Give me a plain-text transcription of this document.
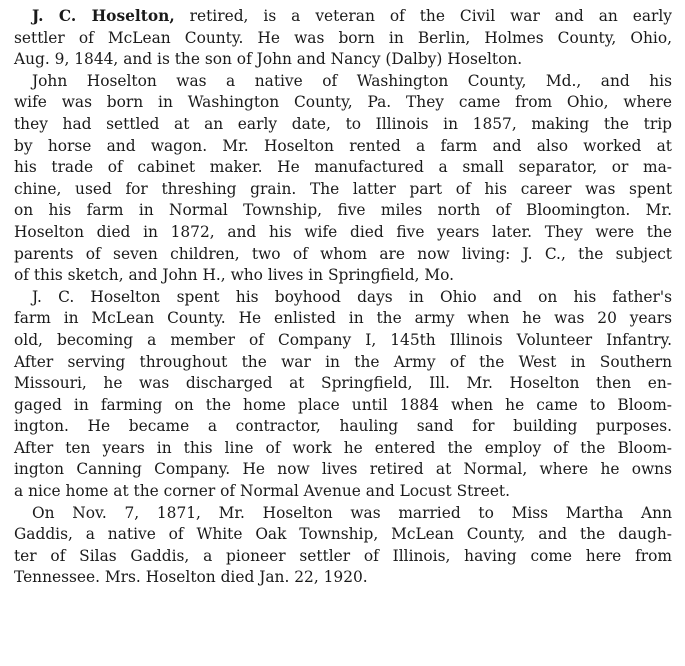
J. C. Hoselton, retired, is a veteran of the Civil war and an early
settler of McLean County. He was born in Berlin, Holmes County, Ohio,
Aug. 9, 1844, and is the son of John and Nancy (Dalby) Hoselton.
John Hoselton was a native of Washington County, Md., and his
wife was born in Washington County, Pa. They came from Ohio, where
they had settled at an early date, to Illinois in 1857, making the trip
by horse and wagon. Mr. Hoselton rented a farm and also worked at
his trade of cabinet maker. He manufactured a small separator, or ma-
chine, used for threshing grain. The latter part of his career was spent
on his farm in Normal Township, five miles north of Bloomington. Mr.
Hoselton died in 1872, and his wife died five years later. They were the
parents of seven children, two of whom are now living: J. C., the subject
of this sketch, and John H., who lives in Springfield, Mo.
J. C. Hoselton spent his boyhood days in Ohio and on his father's
farm in McLean County. He enlisted in the army when he was 20 years
old, becoming a member of Company I, 145th Illinois Volunteer Infantry.
After serving throughout the war in the Army of the West in Southern
Missouri, he was discharged at Springfield, Ill. Mr. Hoselton then en-
gaged in farming on the home place until 1884 when he came to Bloom-
ington. He became a contractor, hauling sand for building purposes.
After ten years in this line of work he entered the employ of the Bloom-
ington Canning Company. He now lives retired at Normal, where he owns
a nice home at the corner of Normal Avenue and Locust Street.
On Nov. 7, 1871, Mr. Hoselton was married to Miss Martha Ann
Gaddis, a native of White Oak Township, McLean County, and the daugh-
ter of Silas Gaddis, a pioneer settler of Illinois, having come here from
Tennessee. Mrs. Hoselton died Jan. 22, 1920.
